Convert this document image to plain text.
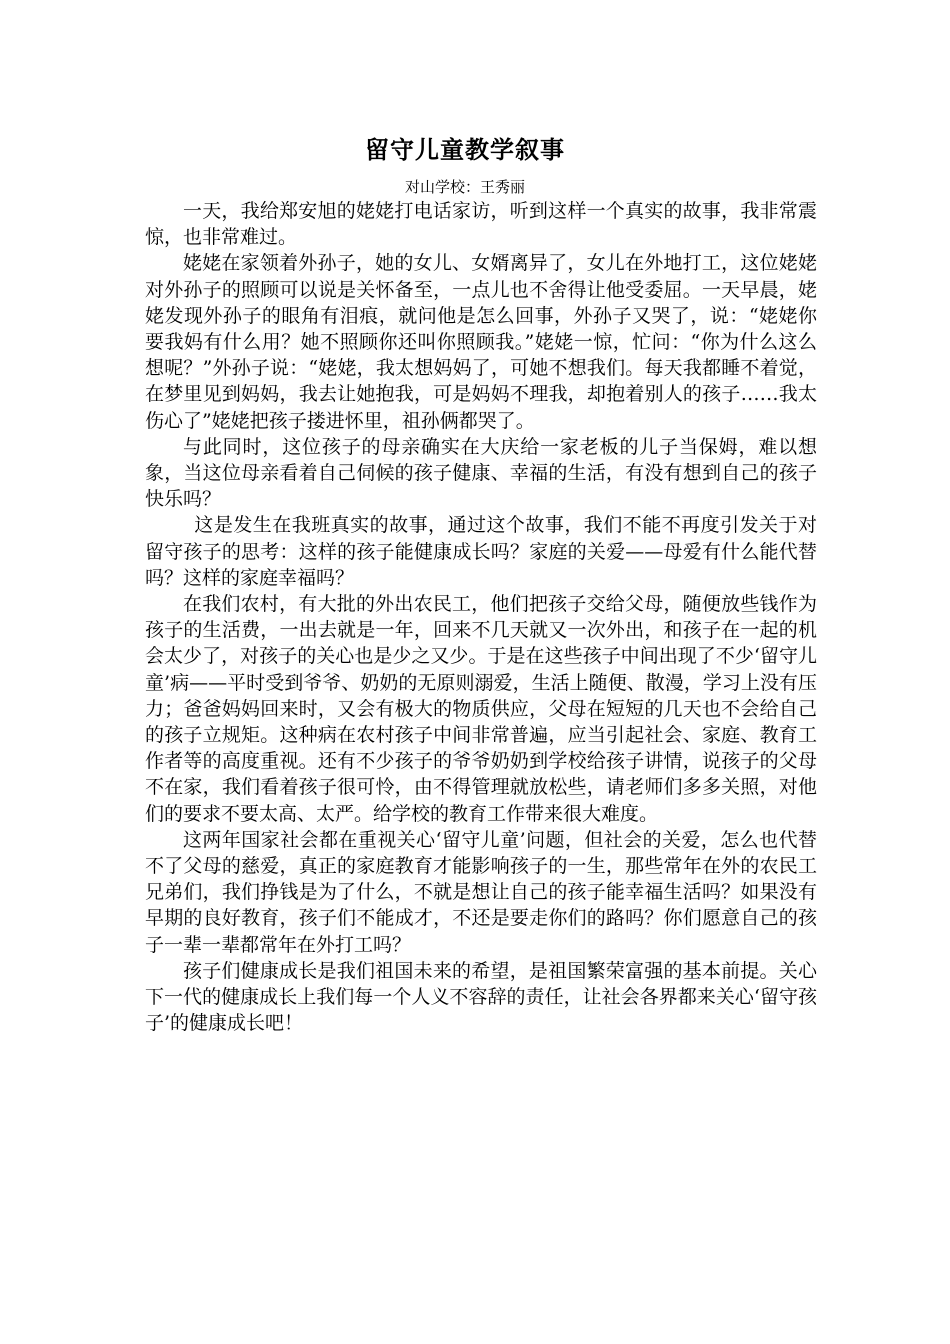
留守儿童教学叙事
对山学校：王秀丽

一天，我给郑安旭的姥姥打电话家访，听到这样一个真实的故事，我非常震惊，也非常难过。

姥姥在家领着外孙子，她的女儿、女婿离异了，女儿在外地打工，这位姥姥对外孙子的照顾可以说是关怀备至，一点儿也不舍得让他受委屈。一天早晨，姥姥发现外孙子的眼角有泪痕，就问他是怎么回事，外孙子又哭了，说：“姥姥你要我妈有什么用？她不照顾你还叫你照顾我。”姥姥一惊，忙问：“你为什么这么想呢？”外孙子说：“姥姥，我太想妈妈了，可她不想我们。每天我都睡不着觉，在梦里见到妈妈，我去让她抱我，可是妈妈不理我，却抱着别人的孩子……我太伤心了”姥姥把孩子搂进怀里，祖孙俩都哭了。

与此同时，这位孩子的母亲确实在大庆给一家老板的儿子当保姆，难以想象，当这位母亲看着自己伺候的孩子健康、幸福的生活，有没有想到自己的孩子快乐吗？

这是发生在我班真实的故事，通过这个故事，我们不能不再度引发关于对留守孩子的思考：这样的孩子能健康成长吗？家庭的关爱——母爱有什么能代替吗？这样的家庭幸福吗？

在我们农村，有大批的外出农民工，他们把孩子交给父母，随便放些钱作为孩子的生活费，一出去就是一年，回来不几天就又一次外出，和孩子在一起的机会太少了，对孩子的关心也是少之又少。于是在这些孩子中间出现了不少‘留守儿童’病——平时受到爷爷、奶奶的无原则溺爱，生活上随便、散漫，学习上没有压力；爸爸妈妈回来时，又会有极大的物质供应，父母在短短的几天也不会给自己的孩子立规矩。这种病在农村孩子中间非常普遍，应当引起社会、家庭、教育工作者等的高度重视。还有不少孩子的爷爷奶奶到学校给孩子讲情，说孩子的父母不在家，我们看着孩子很可怜，由不得管理就放松些，请老师们多多关照，对他们的要求不要太高、太严。给学校的教育工作带来很大难度。

这两年国家社会都在重视关心‘留守儿童’问题，但社会的关爱，怎么也代替不了父母的慈爱，真正的家庭教育才能影响孩子的一生，那些常年在外的农民工兄弟们，我们挣钱是为了什么，不就是想让自己的孩子能幸福生活吗？如果没有早期的良好教育，孩子们不能成才，不还是要走你们的路吗？你们愿意自己的孩子一辈一辈都常年在外打工吗？

孩子们健康成长是我们祖国未来的希望，是祖国繁荣富强的基本前提。关心下一代的健康成长上我们每一个人义不容辞的责任，让社会各界都来关心‘留守孩子’的健康成长吧！
